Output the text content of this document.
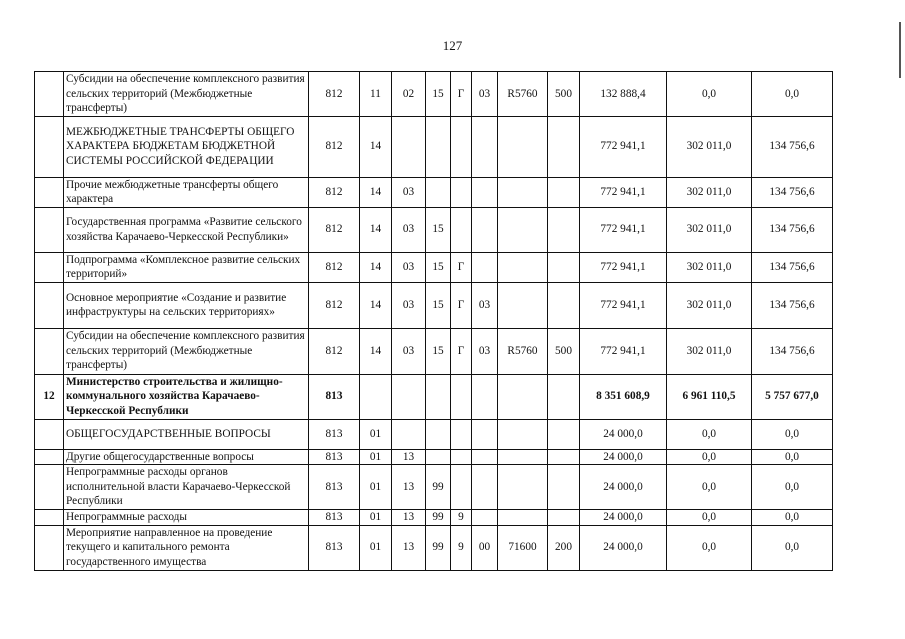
127
	Субсидии на обеспечение комплексного развития сельских территорий (Межбюджетные трансферты)	812	11	02	15	Г	03	R5760	500	132 888,4	0,0	0,0
	МЕЖБЮДЖЕТНЫЕ ТРАНСФЕРТЫ ОБЩЕГО ХАРАКТЕРА БЮДЖЕТАМ БЮДЖЕТНОЙ СИСТЕМЫ РОССИЙСКОЙ ФЕДЕРАЦИИ	812	14							772 941,1	302 011,0	134 756,6
	Прочие межбюджетные трансферты общего характера	812	14	03						772 941,1	302 011,0	134 756,6
	Государственная программа «Развитие сельского хозяйства Карачаево-Черкесской Республики»	812	14	03	15					772 941,1	302 011,0	134 756,6
	Подпрограмма «Комплексное развитие сельских территорий»	812	14	03	15	Г				772 941,1	302 011,0	134 756,6
	Основное мероприятие «Создание и развитие инфраструктуры на сельских территориях»	812	14	03	15	Г	03			772 941,1	302 011,0	134 756,6
	Субсидии на обеспечение комплексного развития сельских территорий (Межбюджетные трансферты)	812	14	03	15	Г	03	R5760	500	772 941,1	302 011,0	134 756,6
12	Министерство строительства и жилищно-коммунального хозяйства Карачаево-Черкесской Республики	813								8 351 608,9	6 961 110,5	5 757 677,0
	ОБЩЕГОСУДАРСТВЕННЫЕ ВОПРОСЫ	813	01							24 000,0	0,0	0,0
	Другие общегосударственные вопросы	813	01	13						24 000,0	0,0	0,0
	Непрограммные расходы органов исполнительной власти Карачаево-Черкесской Республики	813	01	13	99					24 000,0	0,0	0,0
	Непрограммные расходы	813	01	13	99	9				24 000,0	0,0	0,0
	Мероприятие направленное на проведение текущего и капитального ремонта государственного имущества	813	01	13	99	9	00	71600	200	24 000,0	0,0	0,0
